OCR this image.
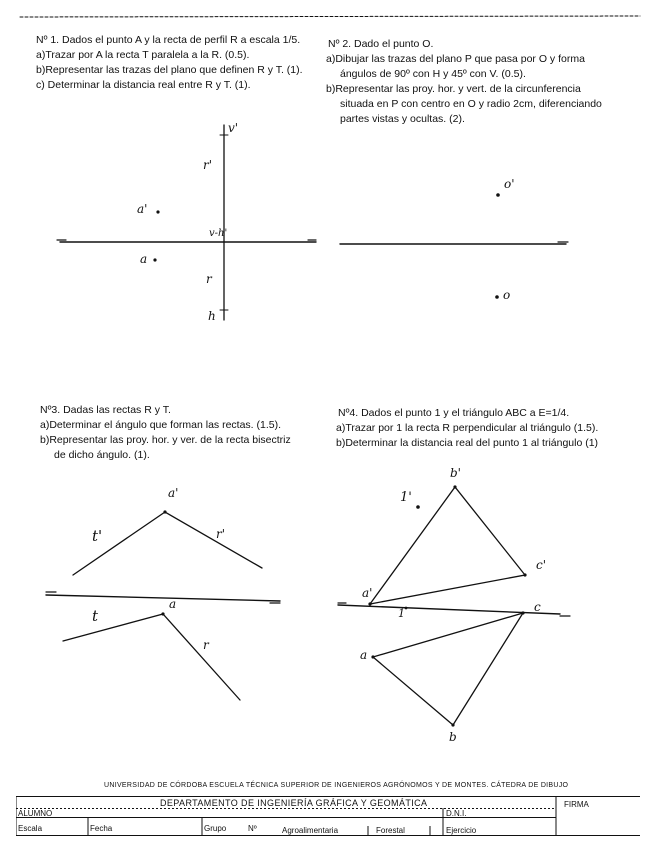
Nº 1. Dados el punto A y la recta de perfil R a escala 1/5.
a)Trazar por A la recta T paralela a la R. (0.5).
b)Representar las trazas del plano que definen R y T. (1).
c) Determinar la distancia real entre R y T. (1).
Nº 2. Dado el punto O.
a)Dibujar las trazas del plano P que pasa por O y forma
ángulos de 90º con H y 45º con V. (0.5).
b)Representar las proy. hor. y vert. de la circunferencia
situada en P con centro en O y radio 2cm, diferenciando
partes vistas y ocultas. (2).
Nº3. Dadas las rectas R y T.
a)Determinar el ángulo que forman las rectas. (1.5).
b)Representar las proy. hor. y ver. de la recta bisectriz
de dicho ángulo. (1).
Nº4. Dados el punto 1 y el triángulo ABC a E=1/4.
a)Trazar por 1 la recta R perpendicular al triángulo (1.5).
b)Determinar la distancia real del punto 1 al triángulo (1)
v'
r'
a'
v-h'
a
r
h
o'
o
a'
t'	r'
t
a
r
b'
1'
a'
c'
1	c
a
b
UNIVERSIDAD DE CÓRDOBA ESCUELA TÉCNICA SUPERIOR DE INGENIEROS AGRÓNOMOS Y DE MONTES. CÁTEDRA DE DIBUJO
DEPARTAMENTO DE INGENIERÍA GRÁFICA Y GEOMÁTICA
ALUMNO	D.N.I.
FIRMA
Escala	Fecha	Grupo	Nº	Agroalimentaria	Forestal	Ejercicio
